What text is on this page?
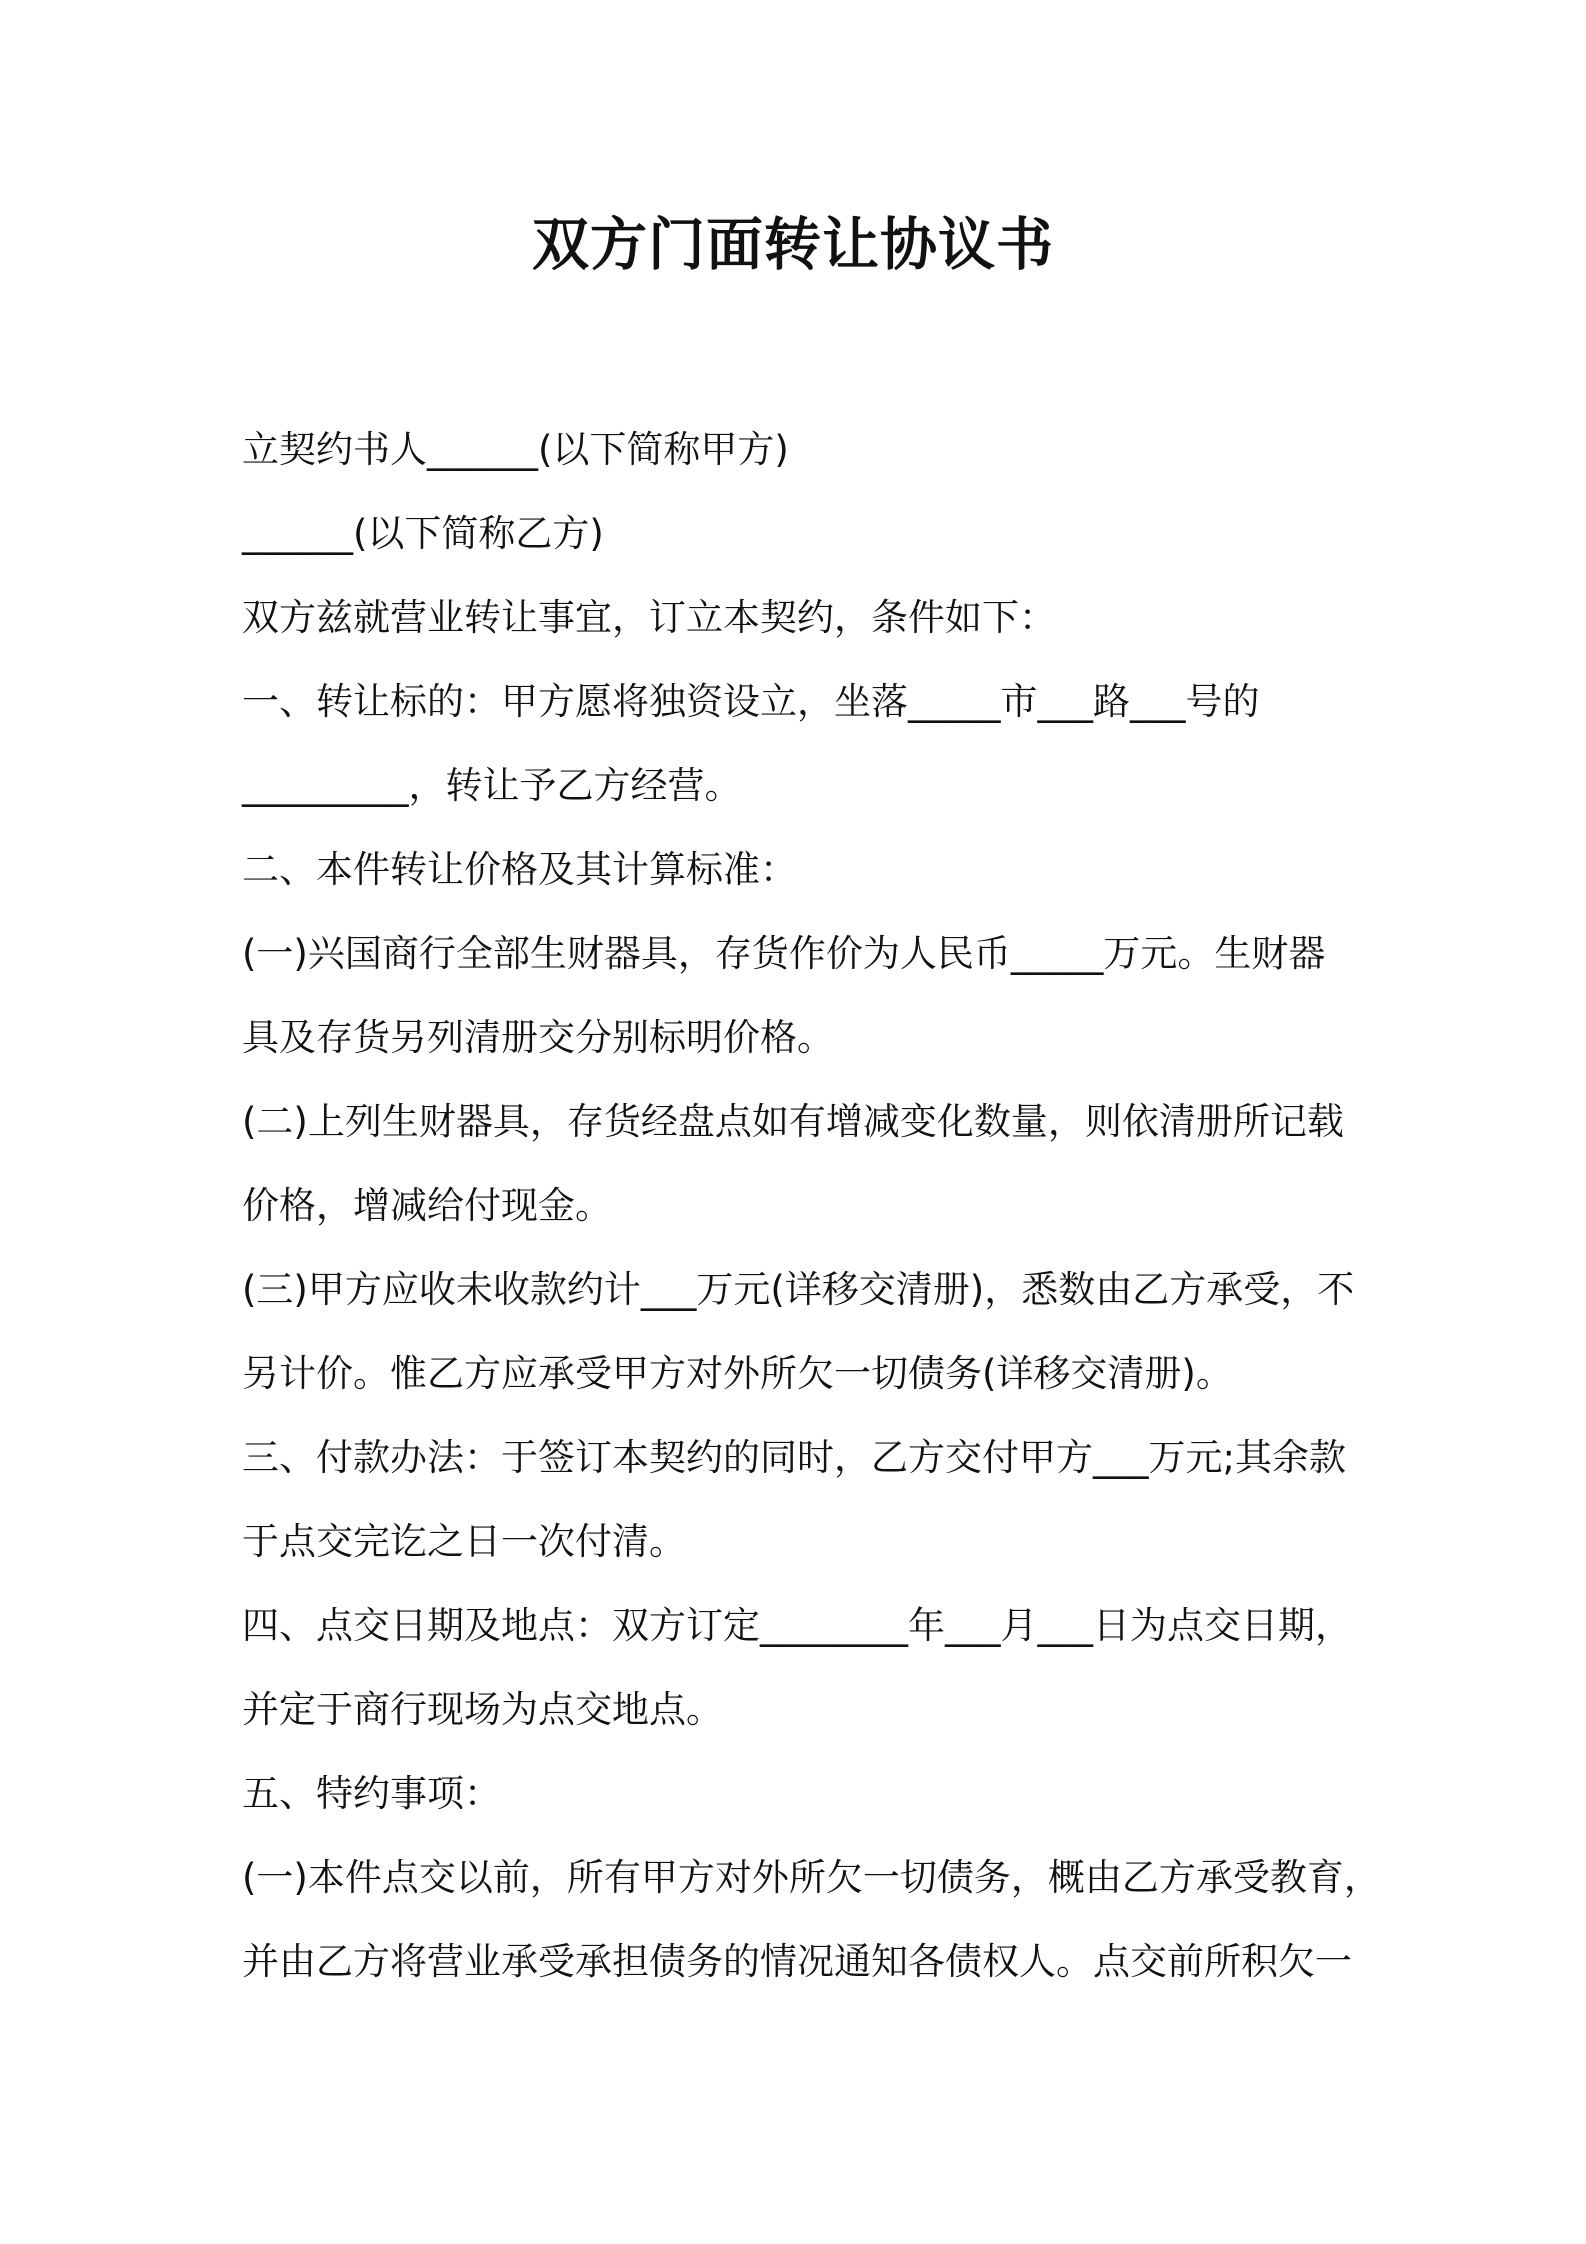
双方门面转让协议书

立契约书人______(以下简称甲方)

______(以下简称乙方)

双方兹就营业转让事宜，订立本契约，条件如下：

一、转让标的：甲方愿将独资设立，坐落_____市___路___号的

_________，转让予乙方经营。

二、本件转让价格及其计算标准：

(一)兴国商行全部生财器具，存货作价为人民币_____万元。生财器

具及存货另列清册交分别标明价格。

(二)上列生财器具，存货经盘点如有增减变化数量，则依清册所记载

价格，增减给付现金。

(三)甲方应收未收款约计___万元(详移交清册)，悉数由乙方承受，不

另计价。惟乙方应承受甲方对外所欠一切债务(详移交清册)。

三、付款办法：于签订本契约的同时，乙方交付甲方___万元;其余款

于点交完讫之日一次付清。

四、点交日期及地点：双方订定________年___月___日为点交日期，

并定于商行现场为点交地点。

五、特约事项：

(一)本件点交以前，所有甲方对外所欠一切债务，概由乙方承受教育，

并由乙方将营业承受承担债务的情况通知各债权人。点交前所积欠一
